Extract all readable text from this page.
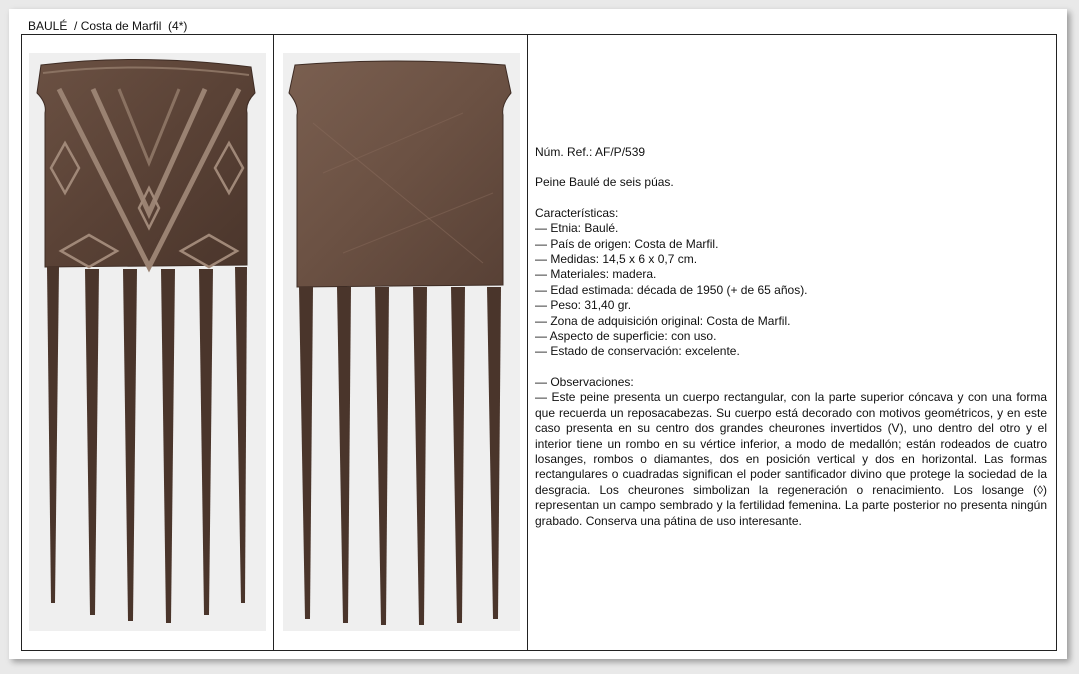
BAULÉ  / Costa de Marfil  (4*)

Núm. Ref.: AF/P/539

Peine Baulé de seis púas.

Características:

— Etnia: Baulé.

— País de origen: Costa de Marfil.

— Medidas: 14,5 x 6 x 0,7 cm.

— Materiales: madera.

— Edad estimada: década de 1950 (+ de 65 años).

— Peso: 31,40 gr.

— Zona de adquisición original: Costa de Marfil.

— Aspecto de superficie: con uso.

— Estado de conservación: excelente.

— Observaciones:

— Este peine presenta un cuerpo rectangular, con la parte superior cóncava y con una forma que recuerda un reposacabezas. Su cuerpo está decorado con motivos geométricos, y en este caso presenta en su centro dos grandes cheurones invertidos (V), uno dentro del otro y el interior tiene un rombo en su vértice inferior, a modo de medallón; están rodeados de cuatro losanges, rombos o diamantes, dos en posición vertical y dos en horizontal. Las formas rectangulares o cuadradas significan el poder santificador divino que protege la sociedad de la desgracia. Los cheurones simbolizan la regeneración o renacimiento. Los losange (◊) representan un campo sembrado y la fertilidad femenina. La parte posterior no presenta ningún grabado. Conserva una pátina de uso interesante.
